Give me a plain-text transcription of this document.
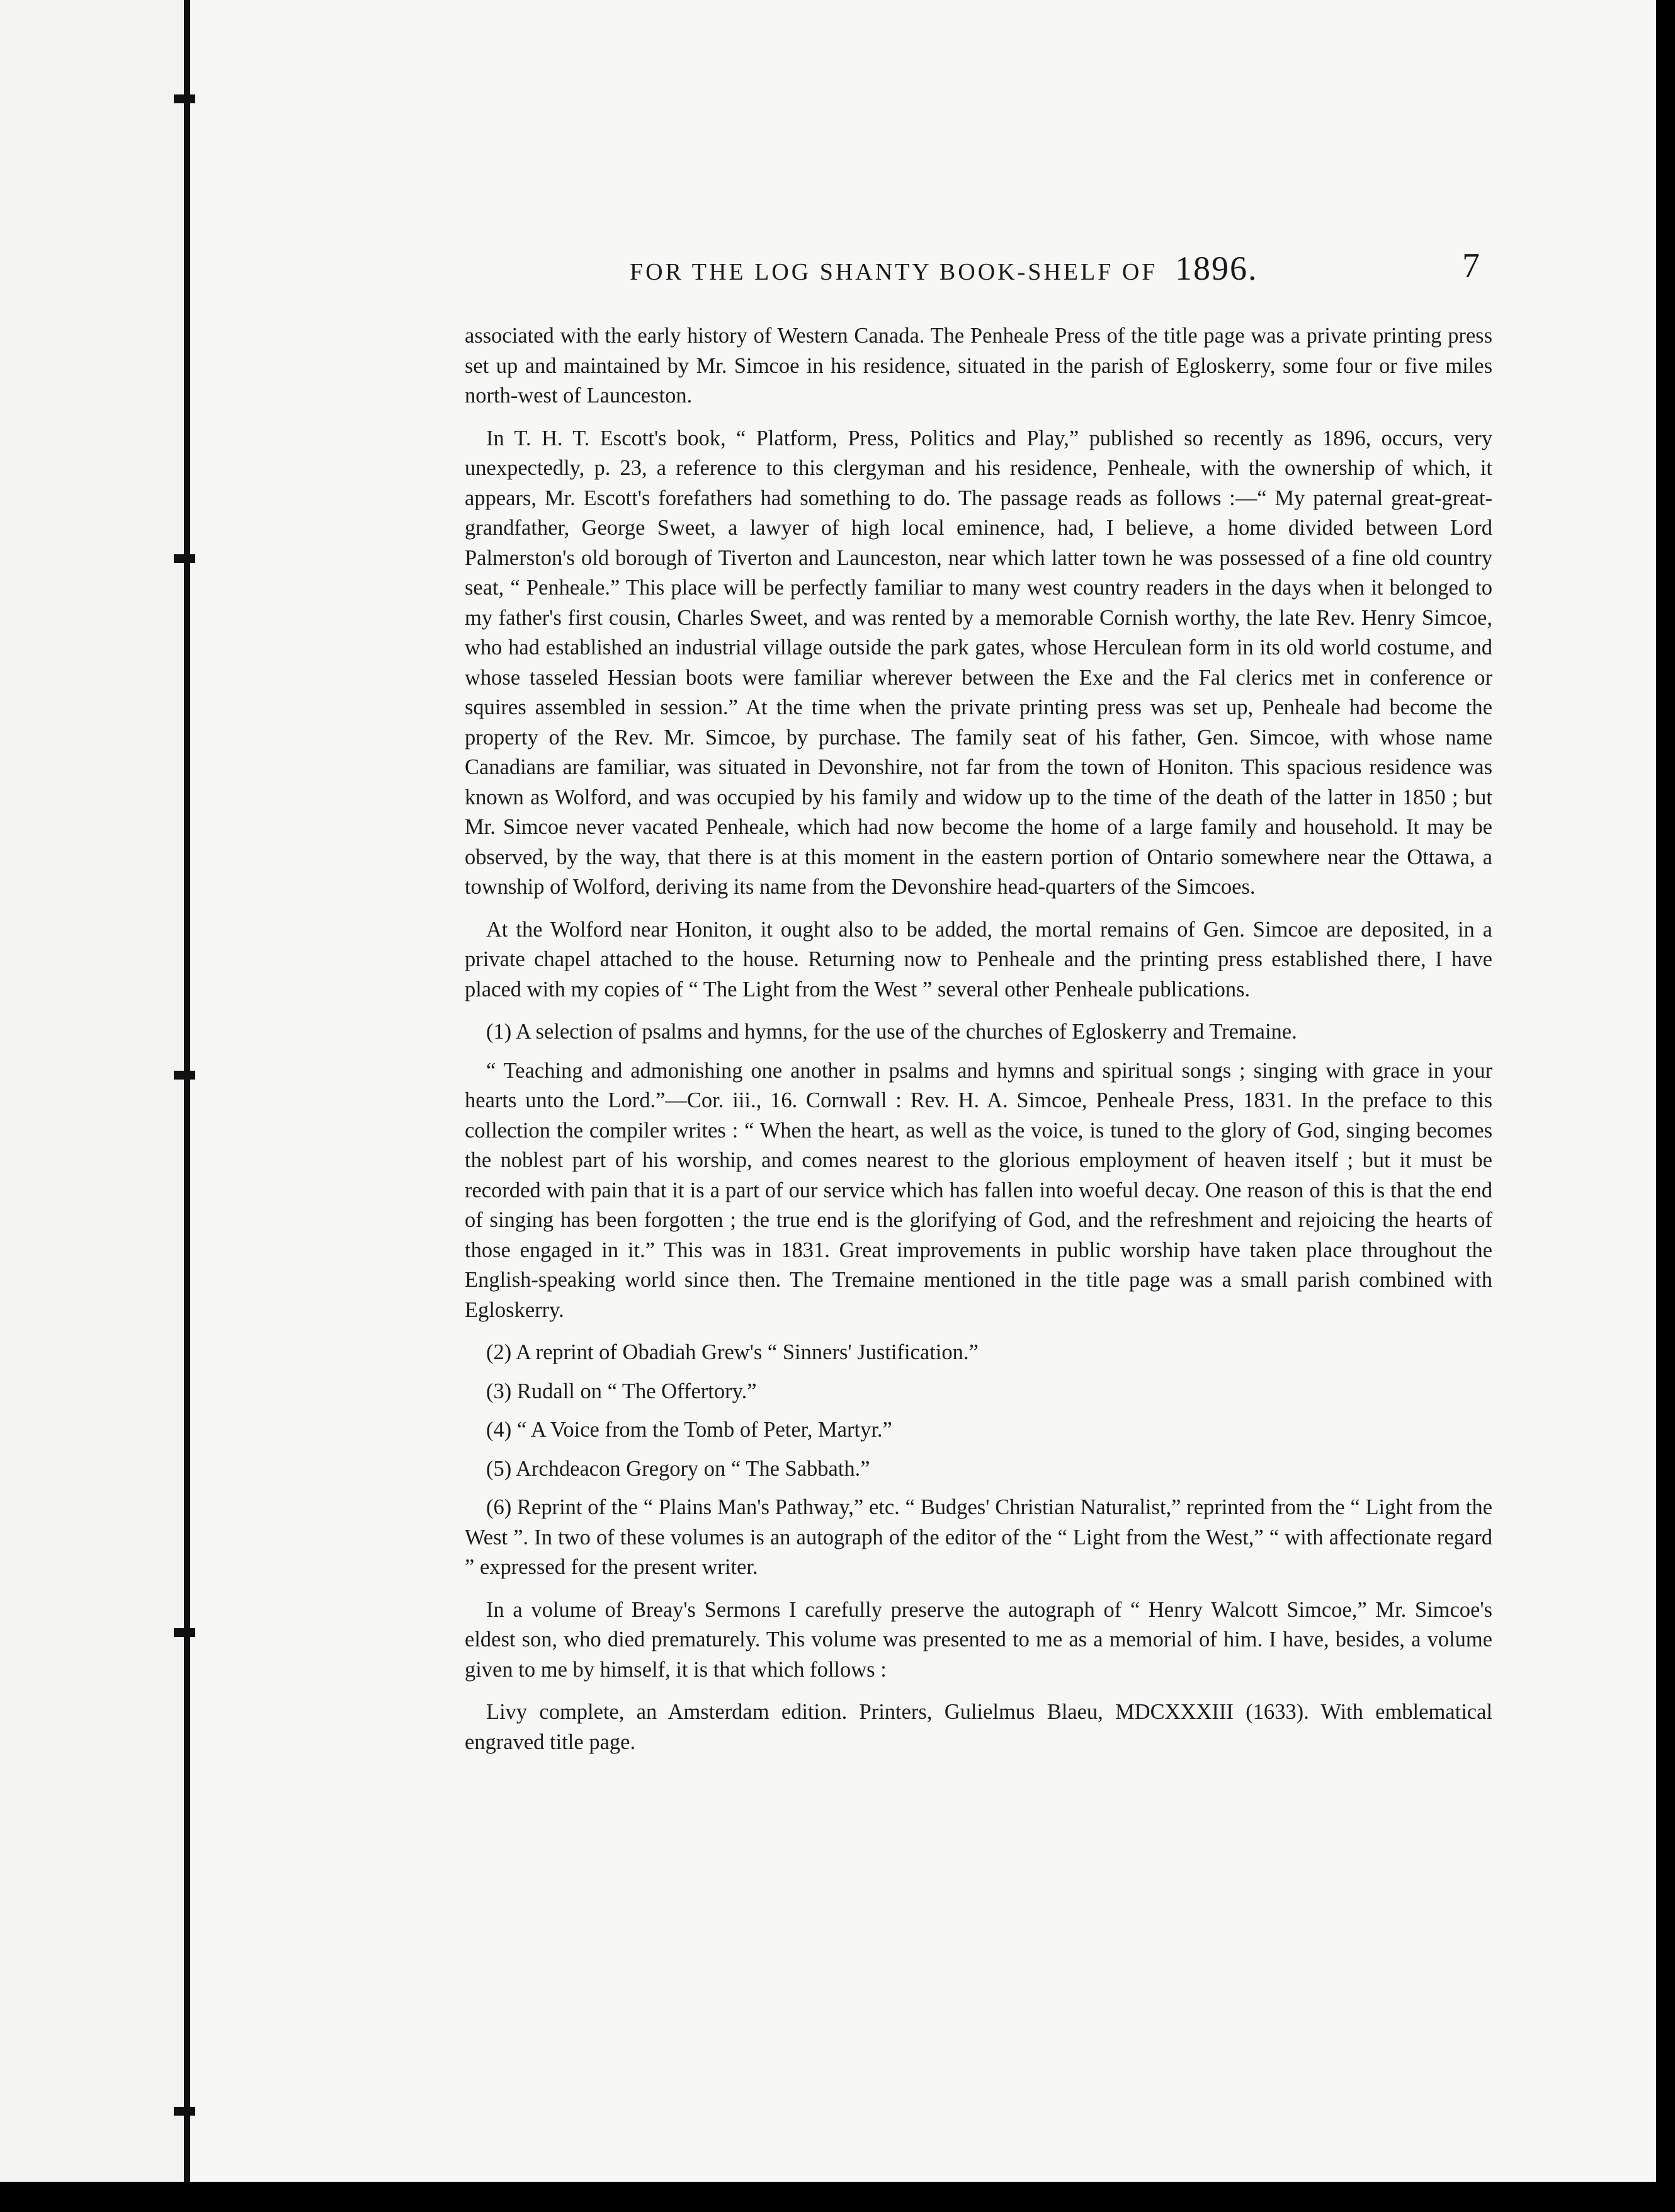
FOR THE LOG SHANTY BOOK-SHELF OF 1896.	7

associated with the early history of Western Canada. The Penheale Press of the title page was a private printing press set up and maintained by Mr. Simcoe in his residence, situated in the parish of Egloskerry, some four or five miles north-west of Launceston.

In T. H. T. Escott's book, “ Platform, Press, Politics and Play,” published so recently as 1896, occurs, very unexpectedly, p. 23, a reference to this clergyman and his residence, Penheale, with the ownership of which, it appears, Mr. Escott's forefathers had something to do. The passage reads as follows :—“ My paternal great-great-grandfather, George Sweet, a lawyer of high local eminence, had, I believe, a home divided between Lord Palmerston's old borough of Tiverton and Launceston, near which latter town he was possessed of a fine old country seat, “ Penheale.” This place will be perfectly familiar to many west country readers in the days when it belonged to my father's first cousin, Charles Sweet, and was rented by a memorable Cornish worthy, the late Rev. Henry Simcoe, who had established an industrial village outside the park gates, whose Herculean form in its old world costume, and whose tasseled Hessian boots were familiar wherever between the Exe and the Fal clerics met in conference or squires assembled in session.” At the time when the private printing press was set up, Penheale had become the property of the Rev. Mr. Simcoe, by purchase. The family seat of his father, Gen. Simcoe, with whose name Canadians are familiar, was situated in Devonshire, not far from the town of Honiton. This spacious residence was known as Wolford, and was occupied by his family and widow up to the time of the death of the latter in 1850 ; but Mr. Simcoe never vacated Penheale, which had now become the home of a large family and household. It may be observed, by the way, that there is at this moment in the eastern portion of Ontario somewhere near the Ottawa, a township of Wolford, deriving its name from the Devonshire head-quarters of the Simcoes.

At the Wolford near Honiton, it ought also to be added, the mortal remains of Gen. Simcoe are deposited, in a private chapel attached to the house. Returning now to Penheale and the printing press established there, I have placed with my copies of “ The Light from the West ” several other Penheale publications.

(1) A selection of psalms and hymns, for the use of the churches of Egloskerry and Tremaine.

“ Teaching and admonishing one another in psalms and hymns and spiritual songs ; singing with grace in your hearts unto the Lord.”—Cor. iii., 16. Cornwall : Rev. H. A. Simcoe, Penheale Press, 1831. In the preface to this collection the compiler writes : “ When the heart, as well as the voice, is tuned to the glory of God, singing becomes the noblest part of his worship, and comes nearest to the glorious employment of heaven itself ; but it must be recorded with pain that it is a part of our service which has fallen into woeful decay. One reason of this is that the end of singing has been forgotten ; the true end is the glorifying of God, and the refreshment and rejoicing the hearts of those engaged in it.” This was in 1831. Great improvements in public worship have taken place throughout the English-speaking world since then. The Tremaine mentioned in the title page was a small parish combined with Egloskerry.

(2) A reprint of Obadiah Grew's “ Sinners' Justification.”

(3) Rudall on “ The Offertory.”

(4) “ A Voice from the Tomb of Peter, Martyr.”

(5) Archdeacon Gregory on “ The Sabbath.”

(6) Reprint of the “ Plains Man's Pathway,” etc. “ Budges' Christian Naturalist,” reprinted from the “ Light from the West ”. In two of these volumes is an autograph of the editor of the “ Light from the West,” “ with affectionate regard ” expressed for the present writer.

In a volume of Breay's Sermons I carefully preserve the autograph of “ Henry Walcott Simcoe,” Mr. Simcoe's eldest son, who died prematurely. This volume was presented to me as a memorial of him. I have, besides, a volume given to me by himself, it is that which follows :

Livy complete, an Amsterdam edition. Printers, Gulielmus Blaeu, MDCXXXIII (1633). With emblematical engraved title page.
